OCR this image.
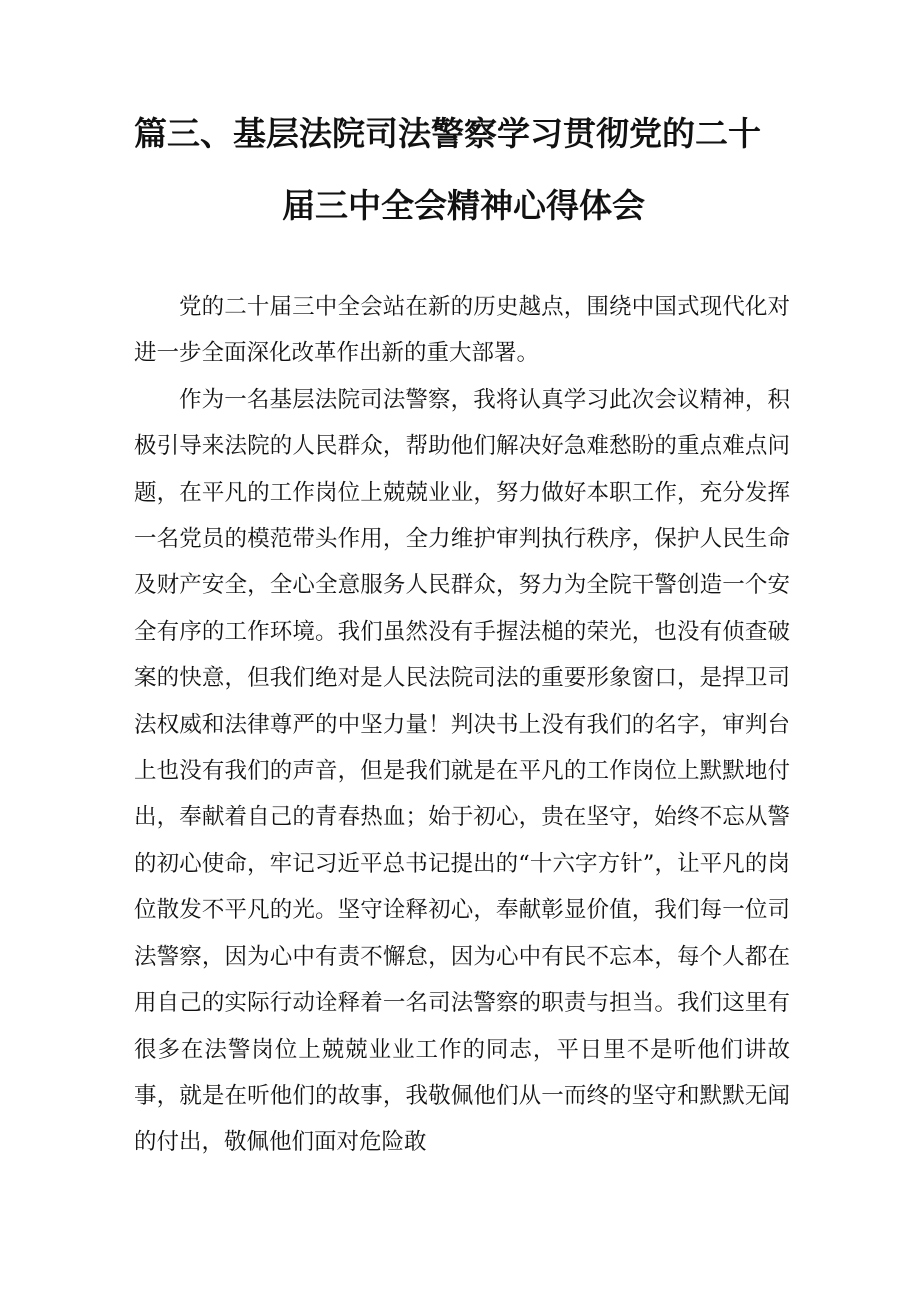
篇三、基层法院司法警察学习贯彻党的二十
届三中全会精神心得体会

党的二十届三中全会站在新的历史越点，围绕中国式现代化对进一步全面深化改革作出新的重大部署。

作为一名基层法院司法警察，我将认真学习此次会议精神，积极引导来法院的人民群众，帮助他们解决好急难愁盼的重点难点问题，在平凡的工作岗位上兢兢业业，努力做好本职工作，充分发挥一名党员的模范带头作用，全力维护审判执行秩序，保护人民生命及财产安全，全心全意服务人民群众，努力为全院干警创造一个安全有序的工作环境。我们虽然没有手握法槌的荣光，也没有侦查破案的快意，但我们绝对是人民法院司法的重要形象窗口，是捍卫司法权威和法律尊严的中坚力量！判决书上没有我们的名字，审判台上也没有我们的声音，但是我们就是在平凡的工作岗位上默默地付出，奉献着自己的青春热血；始于初心，贵在坚守，始终不忘从警的初心使命，牢记习近平总书记提出的“十六字方针”，让平凡的岗位散发不平凡的光。坚守诠释初心，奉献彰显价值，我们每一位司法警察，因为心中有责不懈怠，因为心中有民不忘本，每个人都在用自己的实际行动诠释着一名司法警察的职责与担当。我们这里有很多在法警岗位上兢兢业业工作的同志，平日里不是听他们讲故事，就是在听他们的故事，我敬佩他们从一而终的坚守和默默无闻的付出，敬佩他们面对危险敢
